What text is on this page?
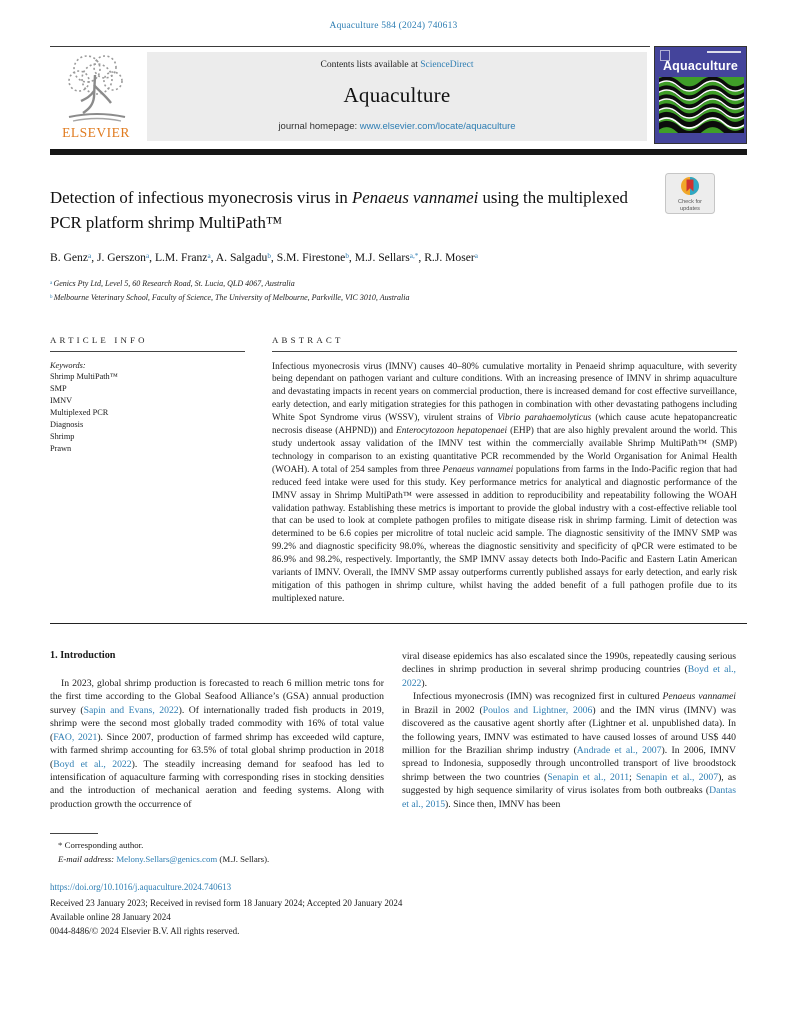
Aquaculture 584 (2024) 740613
ELSEVIER
Contents lists available at ScienceDirect
Aquaculture
journal homepage: www.elsevier.com/locate/aquaculture
Aquaculture
Detection of infectious myonecrosis virus in Penaeus vannamei using the multiplexed PCR platform shrimp MultiPath™
Check for
updates
B. Genz$^a$, J. Gerszon$^a$, L.M. Franz$^a$, A. Salgadu$^b$, S.M. Firestone$^b$, M.J. Sellars$^{a,*}$, R.J. Moser$^a$
$^a$ Genics Pty Ltd, Level 5, 60 Research Road, St. Lucia, QLD 4067, Australia
$^b$ Melbourne Veterinary School, Faculty of Science, The University of Melbourne, Parkville, VIC 3010, Australia
ARTICLE INFO
Keywords:
Shrimp MultiPath™
SMP
IMNV
Multiplexed PCR
Diagnosis
Shrimp
Prawn
ABSTRACT
Infectious myonecrosis virus (IMNV) causes 40–80% cumulative mortality in Penaeid shrimp aquaculture, with severity being dependant on pathogen variant and culture conditions. With an increasing presence of IMNV in shrimp aquaculture and devastating impacts in recent years on commercial production, there is increased demand for cost effective surveillance, early detection, and early mitigation strategies for this pathogen in combination with other devastating pathogens including White Spot Syndrome virus (WSSV), virulent strains of Vibrio parahaemolyticus (which cause acute hepatopancreatic necrosis disease (AHPND)) and Enterocytozoon hepatopenaei (EHP) that are also highly prevalent around the world. This study undertook assay validation of the IMNV test within the commercially available Shrimp MultiPath™ (SMP) technology in comparison to an existing quantitative PCR recommended by the World Organisation for Animal Health (WOAH). A total of 254 samples from three Penaeus vannamei populations from farms in the Indo-Pacific region that had reduced feed intake were used for this study. Key performance metrics for analytical and diagnostic performance of the IMNV assay in Shrimp MultiPath™ were assessed in addition to reproducibility and repeatability following the WOAH validation pathway. Establishing these metrics is important to provide the global industry with a cost-effective reliable tool that can be used to look at complete pathogen profiles to mitigate disease risk in shrimp farming. Limit of detection was determined to be 6.6 copies per microlitre of total nucleic acid sample. The diagnostic sensitivity of the IMNV SMP was 99.2% and diagnostic specificity 98.0%, whereas the diagnostic sensitivity and specificity of qPCR were estimated to be 86.9% and 98.2%, respectively. Importantly, the SMP IMNV assay detects both Indo-Pacific and Eastern Latin American variants of IMNV. Overall, the IMNV SMP assay outperforms currently published assays for early detection, and early risk mitigation of this pathogen in shrimp culture, whilst having the added benefit of a full pathogen profile due to its multiplexed nature.
1. Introduction

In 2023, global shrimp production is forecasted to reach 6 million metric tons for the first time according to the Global Seafood Alliance’s (GSA) annual production survey (Sapin and Evans, 2022). Of internationally traded fish products in 2019, shrimp were the second most globally traded commodity with 16% of total value (FAO, 2021). Since 2007, production of farmed shrimp has exceeded wild capture, with farmed shrimp accounting for 63.5% of total global shrimp production in 2018 (Boyd et al., 2022). The steadily increasing demand for seafood has led to intensification of aquaculture farming with corresponding rises in stocking densities and the introduction of mechanical aeration and feeding systems. Along with production growth the occurrence of

viral disease epidemics has also escalated since the 1990s, repeatedly causing serious declines in shrimp production in several shrimp producing countries (Boyd et al., 2022).

Infectious myonecrosis (IMN) was recognized first in cultured Penaeus vannamei in Brazil in 2002 (Poulos and Lightner, 2006) and the IMN virus (IMNV) was discovered as the causative agent shortly after (Lightner et al. unpublished data). In the following years, IMNV was estimated to have caused losses of around US$ 440 million for the Brazilian shrimp industry (Andrade et al., 2007). In 2006, IMNV spread to Indonesia, supposedly through uncontrolled transport of live broodstock shrimp between the two countries (Senapin et al., 2011; Senapin et al., 2007), as suggested by high sequence similarity of virus isolates from both outbreaks (Dantas et al., 2015). Since then, IMNV has been

* Corresponding author.
E-mail address: Melony.Sellars@genics.com (M.J. Sellars).
https://doi.org/10.1016/j.aquaculture.2024.740613
Received 23 January 2023; Received in revised form 18 January 2024; Accepted 20 January 2024
Available online 28 January 2024
0044-8486/© 2024 Elsevier B.V. All rights reserved.
